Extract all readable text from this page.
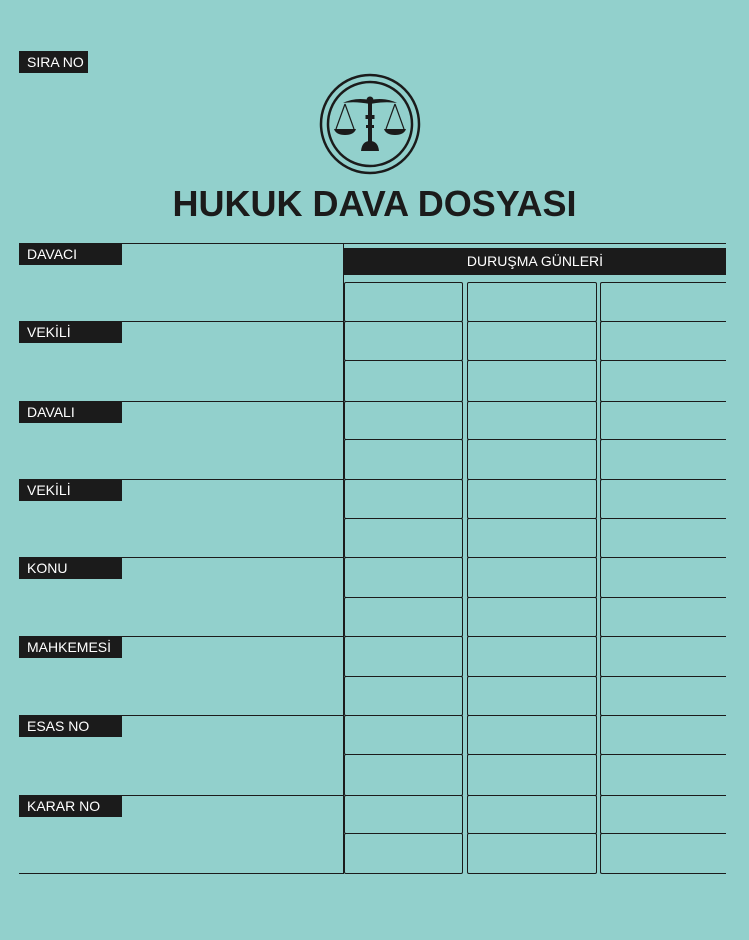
SIRA NO
HUKUK DAVA DOSYASI
DURUŞMA GÜNLERİ
DAVACI
VEKİLİ
DAVALI
VEKİLİ
KONU
MAHKEMESİ
ESAS NO
KARAR NO
